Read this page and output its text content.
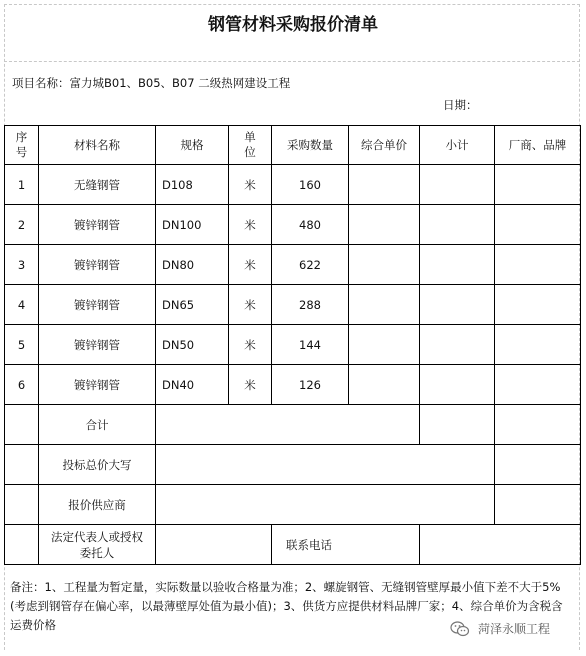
钢管材料采购报价清单
项目名称：富力城B01、B05、B07 二级热网建设工程
日期：
序号	材料名称	规格	单位	采购数量	综合单价	小计	厂商、品牌
1	无缝钢管	D108	米	160			
2	镀锌钢管	DN100	米	480			
3	镀锌钢管	DN80	米	622			
4	镀锌钢管	DN65	米	288			
5	镀锌钢管	DN50	米	144			
6	镀锌钢管	DN40	米	126			
	合计						
	投标总价大写						
	报价供应商						
	法定代表人或授权委托人			联系电话			
备注：1、工程量为暂定量，实际数量以验收合格量为准；2、螺旋钢管、无缝钢管壁厚最小值下差不大于5%(考虑到钢管存在偏心率，以最薄壁厚处值为最小值)；3、供货方应提供材料品牌厂家；4、综合单价为含税含运费价格	菏泽永顺工程
